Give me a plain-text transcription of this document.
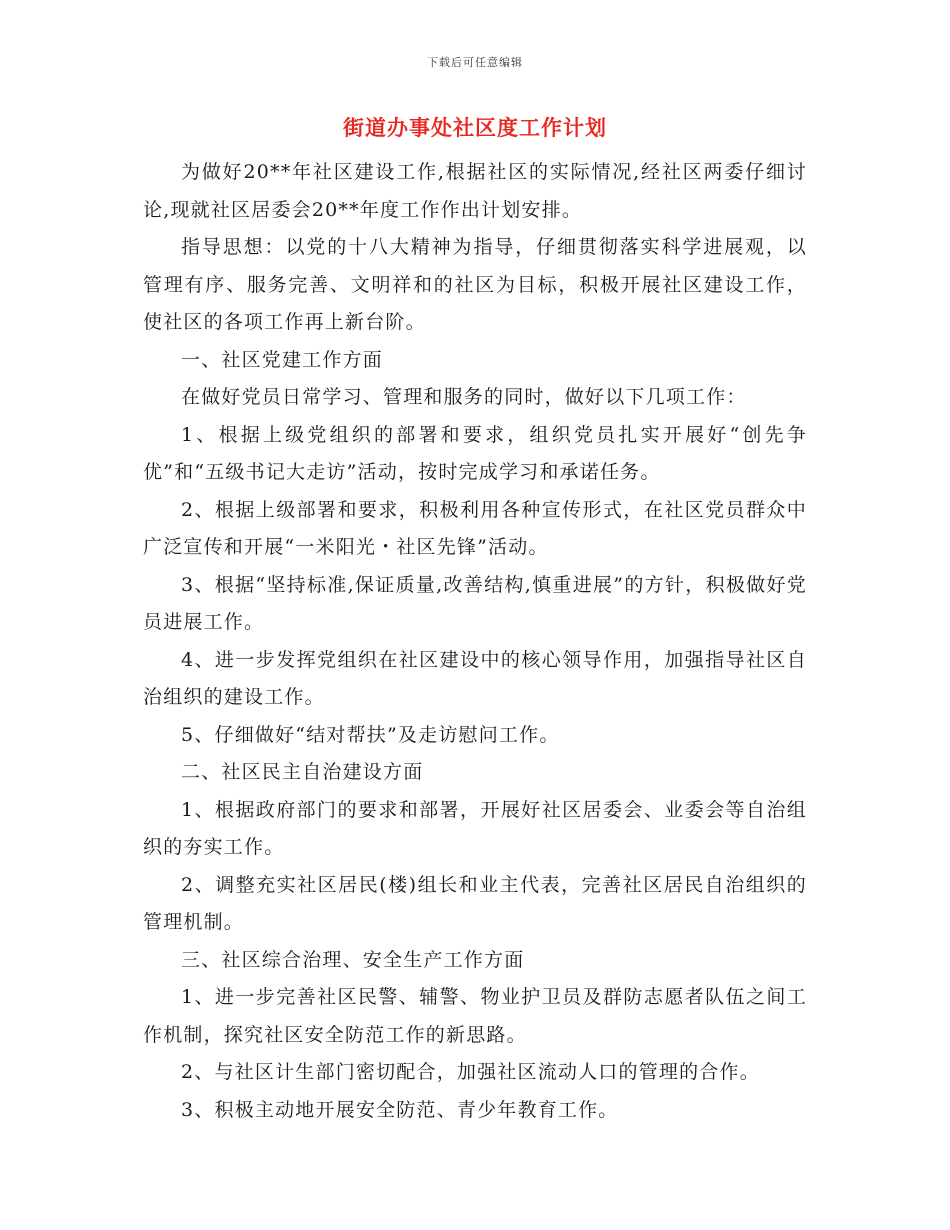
下载后可任意编辑
街道办事处社区度工作计划

为做好20**年社区建设工作,根据社区的实际情况,经社区两委仔细讨论,现就社区居委会20**年度工作作出计划安排。

指导思想：以党的十八大精神为指导，仔细贯彻落实科学进展观，以管理有序、服务完善、文明祥和的社区为目标，积极开展社区建设工作，使社区的各项工作再上新台阶。

一、社区党建工作方面

在做好党员日常学习、管理和服务的同时，做好以下几项工作：

1、根据上级党组织的部署和要求，组织党员扎实开展好“创先争优”和“五级书记大走访”活动，按时完成学习和承诺任务。

2、根据上级部署和要求，积极利用各种宣传形式，在社区党员群众中广泛宣传和开展“一米阳光・社区先锋”活动。

3、根据“坚持标准,保证质量,改善结构,慎重进展”的方针，积极做好党员进展工作。

4、进一步发挥党组织在社区建设中的核心领导作用，加强指导社区自治组织的建设工作。

5、仔细做好“结对帮扶”及走访慰问工作。

二、社区民主自治建设方面

1、根据政府部门的要求和部署，开展好社区居委会、业委会等自治组织的夯实工作。

2、调整充实社区居民(楼)组长和业主代表，完善社区居民自治组织的管理机制。

三、社区综合治理、安全生产工作方面

1、进一步完善社区民警、辅警、物业护卫员及群防志愿者队伍之间工作机制，探究社区安全防范工作的新思路。

2、与社区计生部门密切配合，加强社区流动人口的管理的合作。

3、积极主动地开展安全防范、青少年教育工作。
